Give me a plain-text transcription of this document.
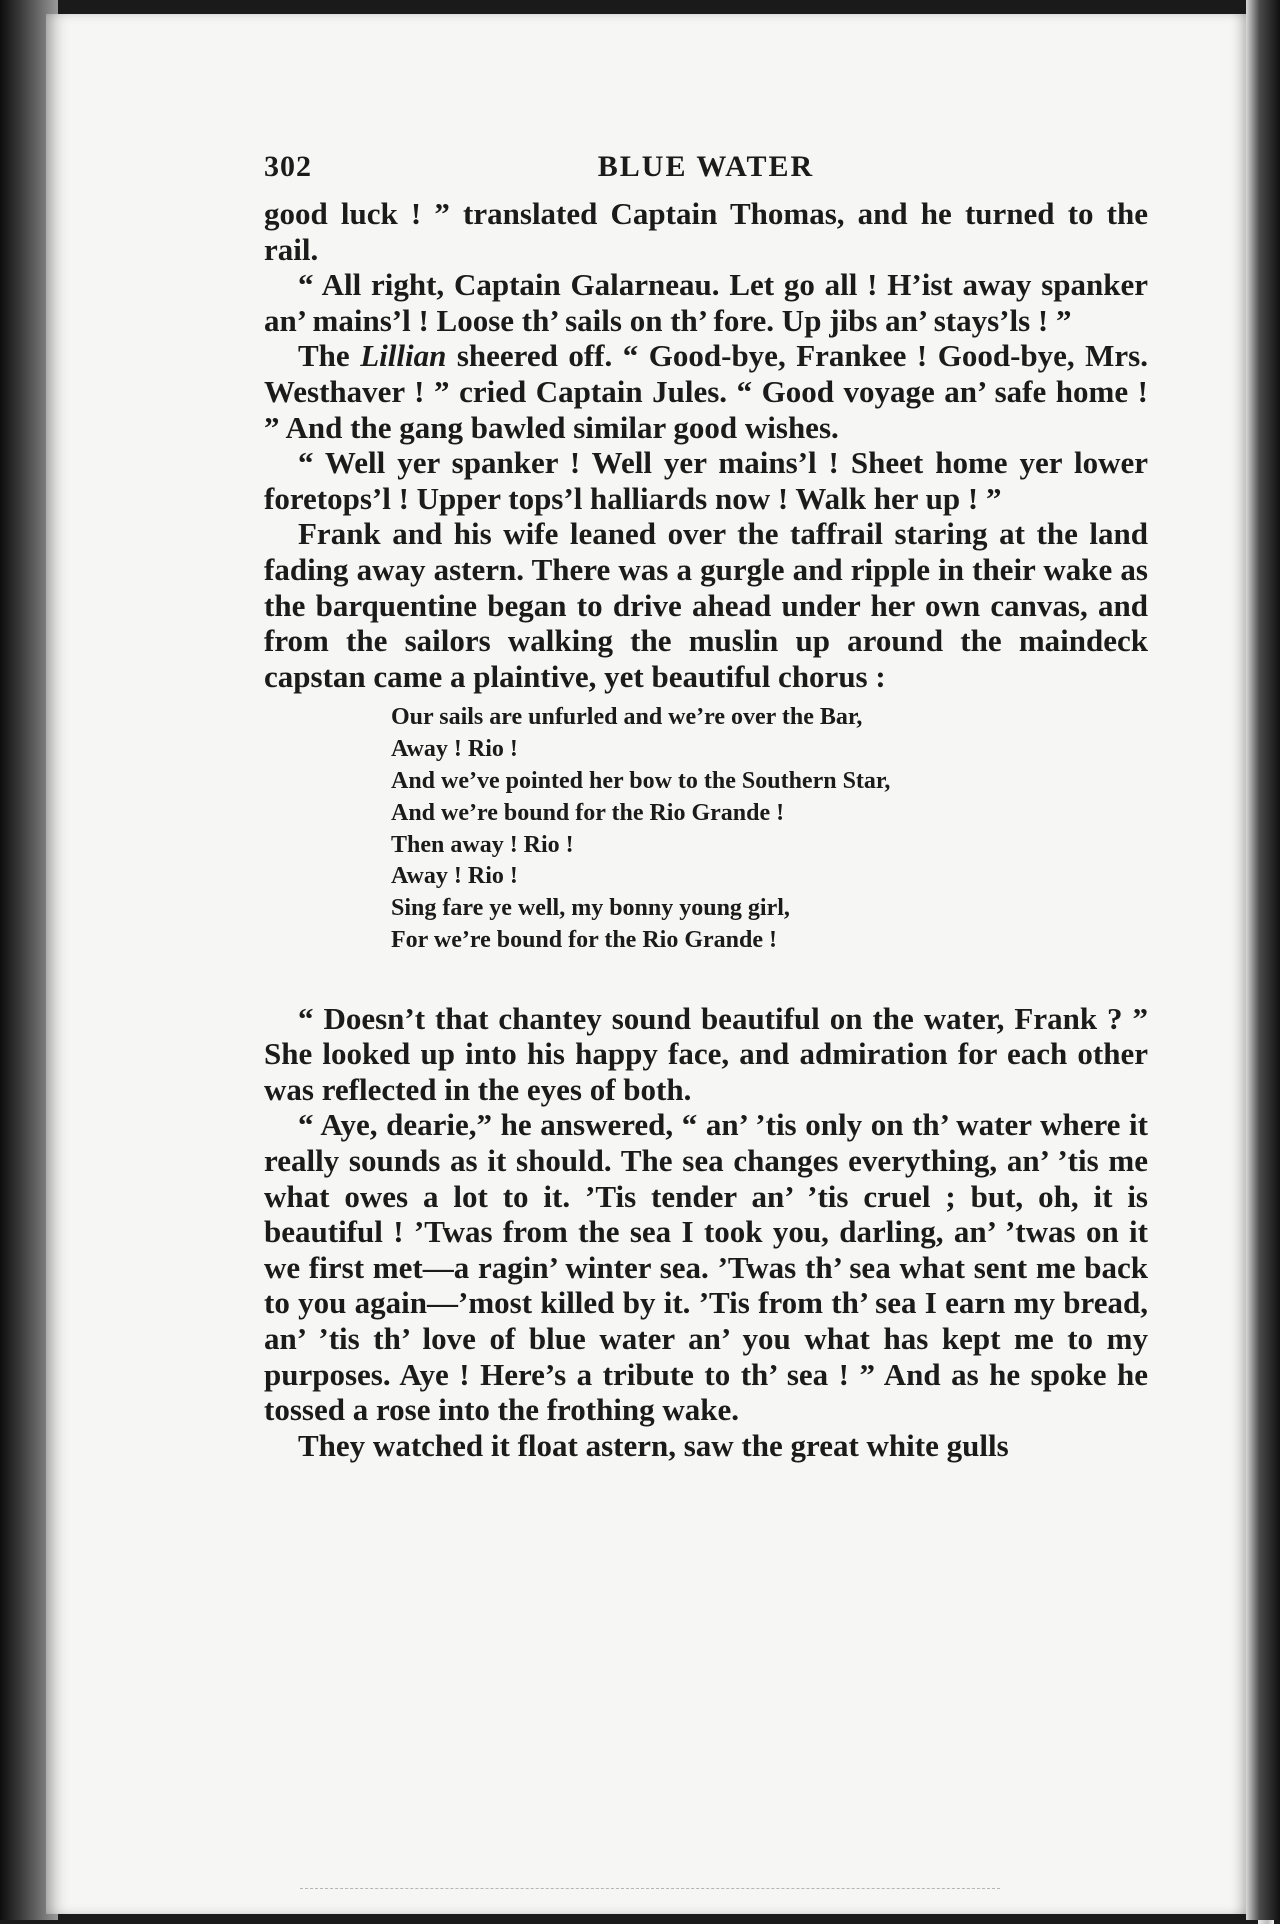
302	BLUE WATER

good luck ! ” translated Captain Thomas, and he turned to the rail.

“ All right, Captain Galarneau. Let go all ! H’ist away spanker an’ mains’l ! Loose th’ sails on th’ fore. Up jibs an’ stays’ls ! ”

The Lillian sheered off. “ Good-bye, Frankee ! Good-bye, Mrs. Westhaver ! ” cried Captain Jules. “ Good voyage an’ safe home ! ” And the gang bawled similar good wishes.

“ Well yer spanker ! Well yer mains’l ! Sheet home yer lower foretops’l ! Upper tops’l halliards now ! Walk her up ! ”

Frank and his wife leaned over the taffrail staring at the land fading away astern. There was a gurgle and ripple in their wake as the barquentine began to drive ahead under her own canvas, and from the sailors walking the muslin up around the maindeck capstan came a plaintive, yet beautiful chorus :

Our sails are unfurled and we’re over the Bar,
Away ! Rio !
And we’ve pointed her bow to the Southern Star,
And we’re bound for the Rio Grande !
Then away ! Rio !
Away ! Rio !
Sing fare ye well, my bonny young girl,
For we’re bound for the Rio Grande !

“ Doesn’t that chantey sound beautiful on the water, Frank ? ” She looked up into his happy face, and admiration for each other was reflected in the eyes of both.

“ Aye, dearie,” he answered, “ an’ ’tis only on th’ water where it really sounds as it should. The sea changes everything, an’ ’tis me what owes a lot to it. ’Tis tender an’ ’tis cruel ; but, oh, it is beautiful ! ’Twas from the sea I took you, darling, an’ ’twas on it we first met—a ragin’ winter sea. ’Twas th’ sea what sent me back to you again—’most killed by it. ’Tis from th’ sea I earn my bread, an’ ’tis th’ love of blue water an’ you what has kept me to my purposes. Aye ! Here’s a tribute to th’ sea ! ” And as he spoke he tossed a rose into the frothing wake.

They watched it float astern, saw the great white gulls
